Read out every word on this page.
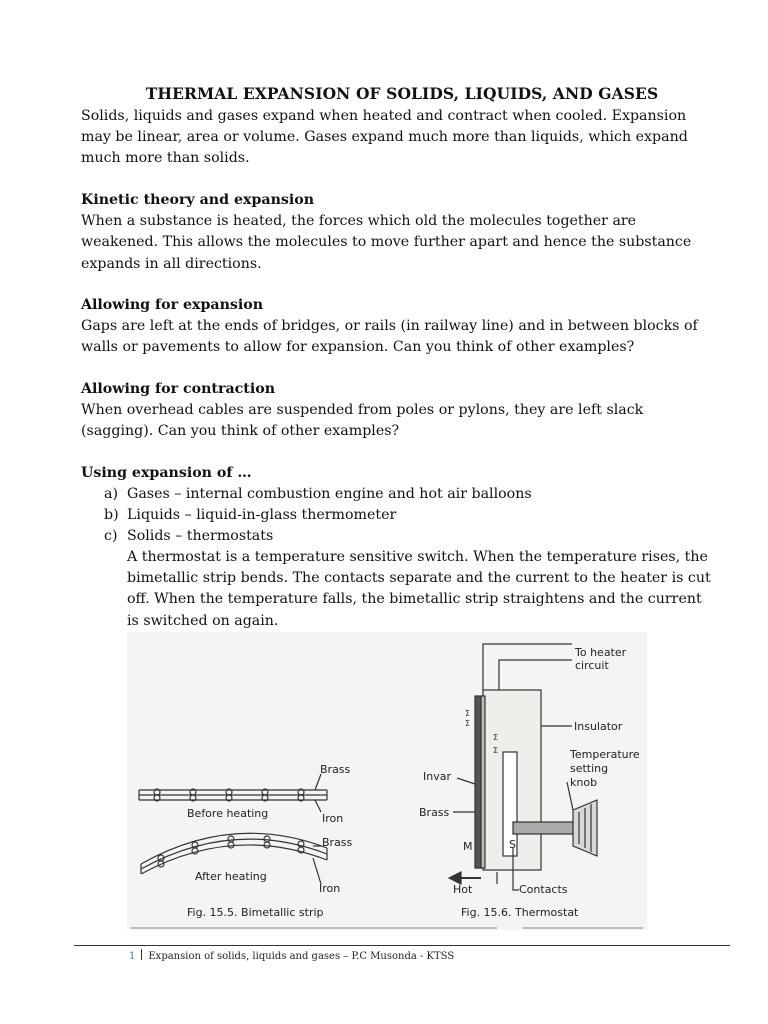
THERMAL EXPANSION OF SOLIDS, LIQUIDS, AND GASES
Solids, liquids and gases expand when heated and contract when cooled. Expansion
may be linear, area or volume. Gases expand much more than liquids, which expand
much more than solids.
Kinetic theory and expansion
When a substance is heated, the forces which old the molecules together are
weakened. This allows the molecules to move further apart and hence the substance
expands in all directions.
Allowing for expansion
Gaps are left at the ends of bridges, or rails (in railway line) and in between blocks of
walls or pavements to allow for expansion. Can you think of other examples?
Allowing for contraction
When overhead cables are suspended from poles or pylons, they are left slack
(sagging). Can you think of other examples?
Using expansion of …
a) Gases – internal combustion engine and hot air balloons
b) Liquids – liquid-in-glass thermometer
c) Solids – thermostats
A thermostat is a temperature sensitive switch. When the temperature rises, the
bimetallic strip bends. The contacts separate and the current to the heater is cut
off. When the temperature falls, the bimetallic strip straightens and the current
is switched on again.
Brass
Before heating	Iron
Brass
After heating
Iron
Fig. 15.5. Bimetallic strip
Σ
Σ
Σ
Σ
To heater
circuit
Insulator
Temperature
setting
knob
Invar
Brass
M	S
Hot	Contacts
Fig. 15.6. Thermostat
1 Expansion of solids, liquids and gases – P.C Musonda - KTSS
